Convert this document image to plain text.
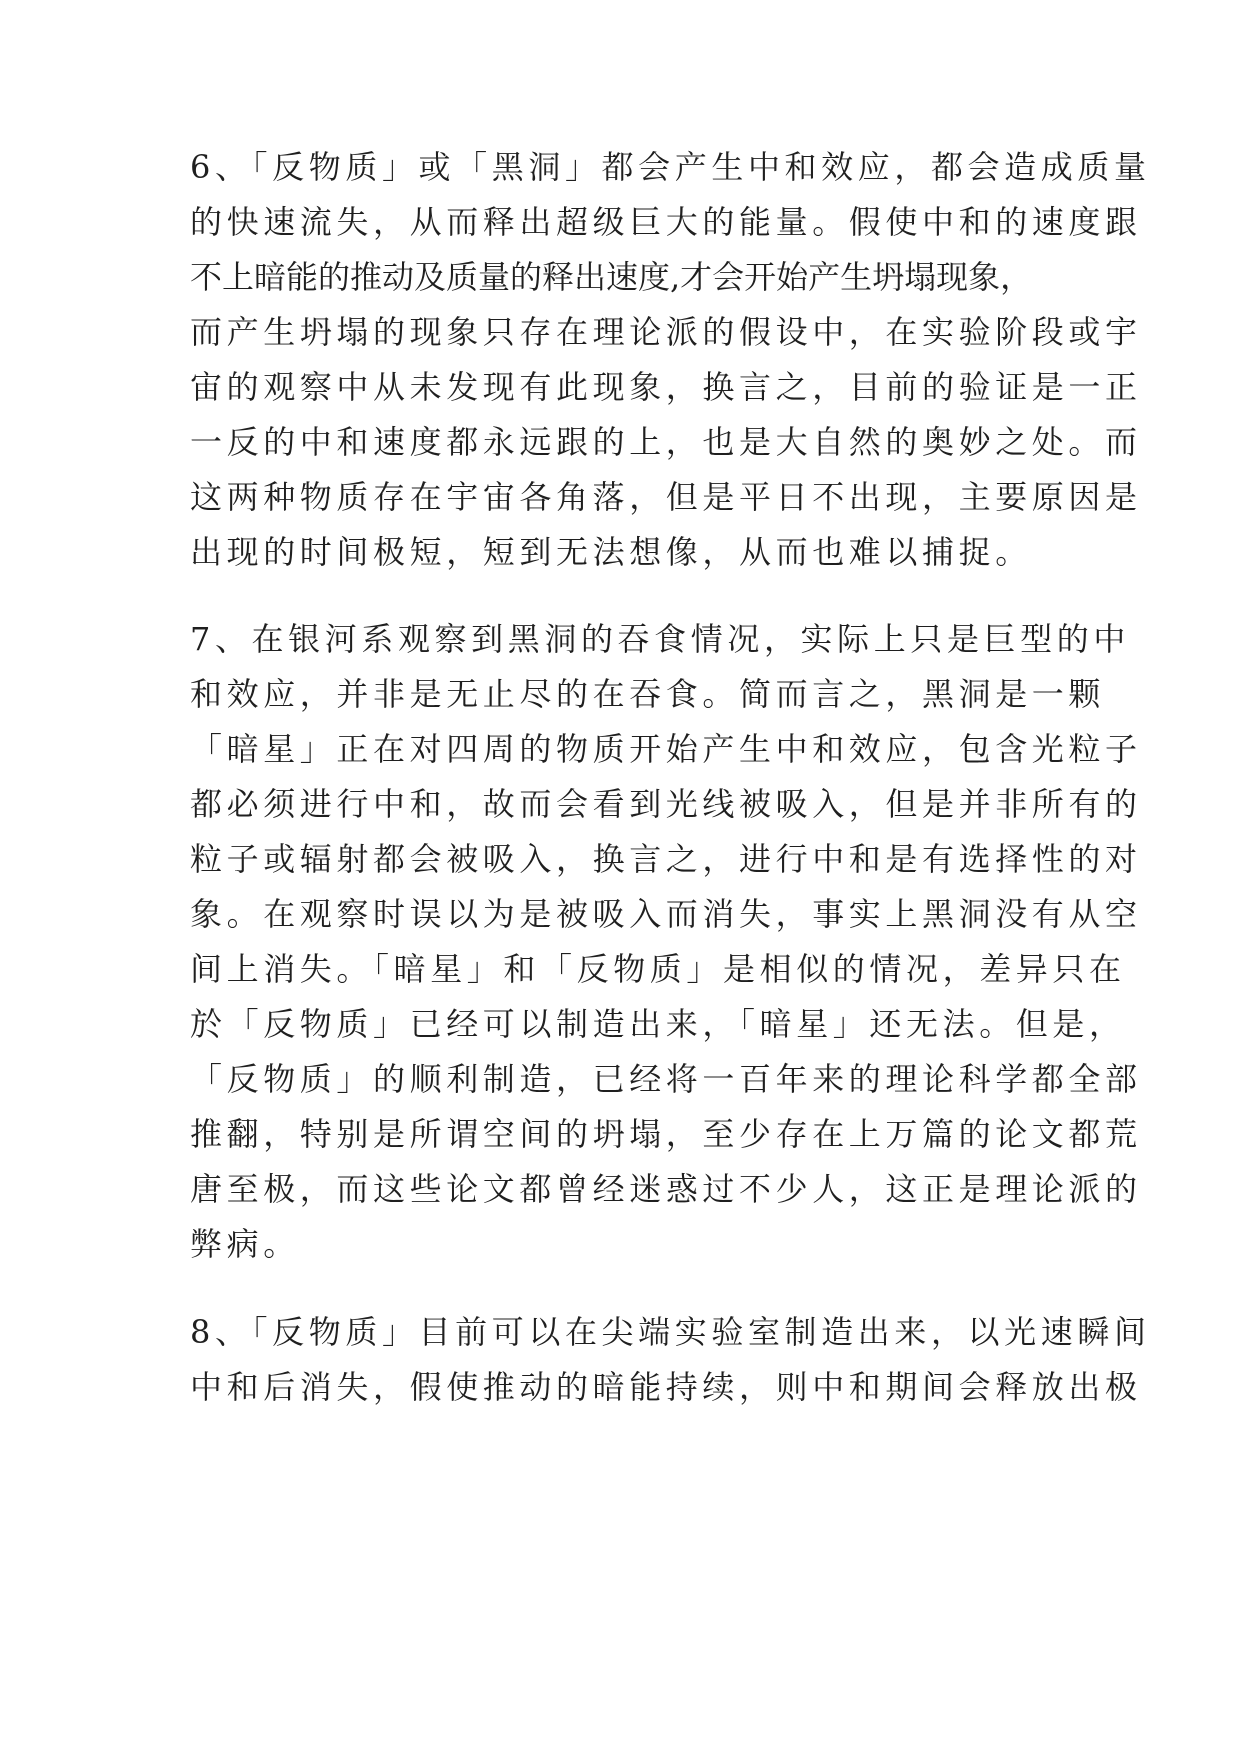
6、「反物质」或「黑洞」都会产生中和效应，都会造成质量
的快速流失，从而释出超级巨大的能量。假使中和的速度跟
不上暗能的推动及质量的释出速度,才会开始产生坍塌现象，
而产生坍塌的现象只存在理论派的假设中，在实验阶段或宇
宙的观察中从未发现有此现象，换言之，目前的验证是一正
一反的中和速度都永远跟的上，也是大自然的奥妙之处。而
这两种物质存在宇宙各角落，但是平日不出现，主要原因是
出现的时间极短，短到无法想像，从而也难以捕捉。
7、在银河系观察到黑洞的吞食情况，实际上只是巨型的中
和效应，并非是无止尽的在吞食。简而言之，黑洞是一颗
「暗星」正在对四周的物质开始产生中和效应，包含光粒子
都必须进行中和，故而会看到光线被吸入，但是并非所有的
粒子或辐射都会被吸入，换言之，进行中和是有选择性的对
象。在观察时误以为是被吸入而消失，事实上黑洞没有从空
间上消失。「暗星」和「反物质」是相似的情况，差异只在
於「反物质」已经可以制造出来，「暗星」还无法。但是，
「反物质」的顺利制造，已经将一百年来的理论科学都全部
推翻，特别是所谓空间的坍塌，至少存在上万篇的论文都荒
唐至极，而这些论文都曾经迷惑过不少人，这正是理论派的
弊病。
8、「反物质」目前可以在尖端实验室制造出来，以光速瞬间
中和后消失，假使推动的暗能持续，则中和期间会释放出极
